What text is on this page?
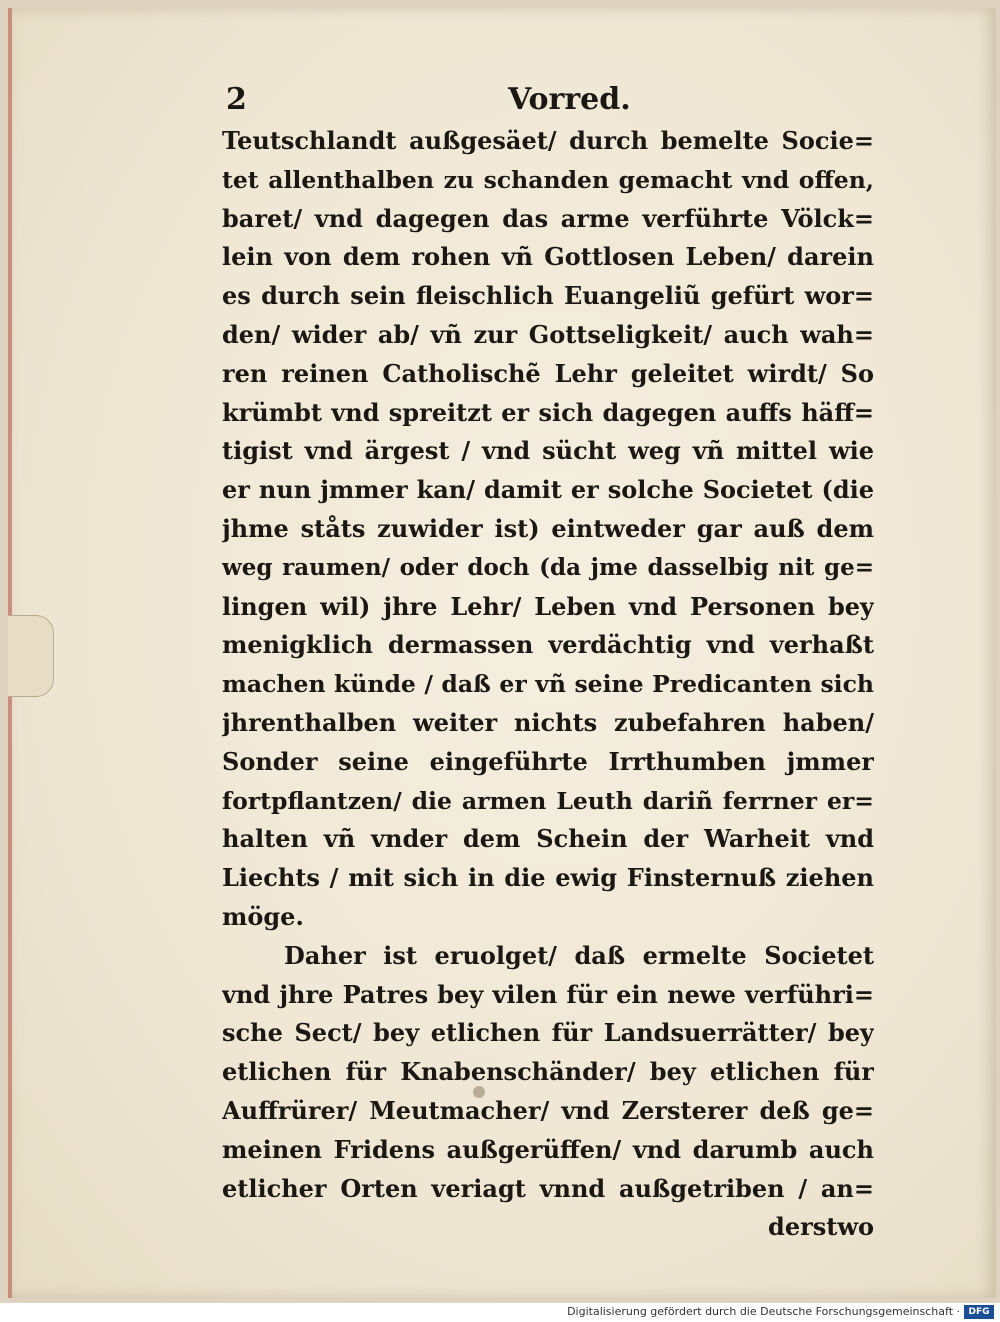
2	Vorred.
Teutschlandt außgesäet/ durch bemelte Socie=
tet allenthalben zu schanden gemacht vnd offen,
baret/ vnd dagegen das arme verführte Völck=
lein von dem rohen vñ Gottlosen Leben/ darein
es durch sein fleischlich Euangeliũ gefürt wor=
den/ wider ab/ vñ zur Gottseligkeit/ auch wah=
ren reinen Catholischẽ Lehr geleitet wirdt/ So
krümbt vnd spreitzt er sich dagegen auffs häff=
tigist vnd ärgest / vnd sücht weg vñ mittel wie
er nun jmmer kan/ damit er solche Societet (die
jhme ståts zuwider ist) eintweder gar auß dem
weg raumen/ oder doch (da jme dasselbig nit ge=
lingen wil) jhre Lehr/ Leben vnd Personen bey
menigklich dermassen verdächtig vnd verhaßt
machen künde / daß er vñ seine Predicanten sich
jhrenthalben weiter nichts zubefahren haben/
Sonder seine eingeführte Irrthumben jmmer
fortpflantzen/ die armen Leuth dariñ ferrner er=
halten vñ vnder dem Schein der Warheit vnd
Liechts / mit sich in die ewig Finsternuß ziehen
möge.
Daher ist eruolget/ daß ermelte Societet
vnd jhre Patres bey vilen für ein newe verführi=
sche Sect/ bey etlichen für Landsuerrätter/ bey
etlichen für Knabenschänder/ bey etlichen für
Auffrürer/ Meutmacher/ vnd Zersterer deß ge=
meinen Fridens außgerüffen/ vnd darumb auch
etlicher Orten veriagt vnnd außgetriben / an=
derstwo
Digitalisierung gefördert durch die Deutsche Forschungsgemeinschaft · DFG
